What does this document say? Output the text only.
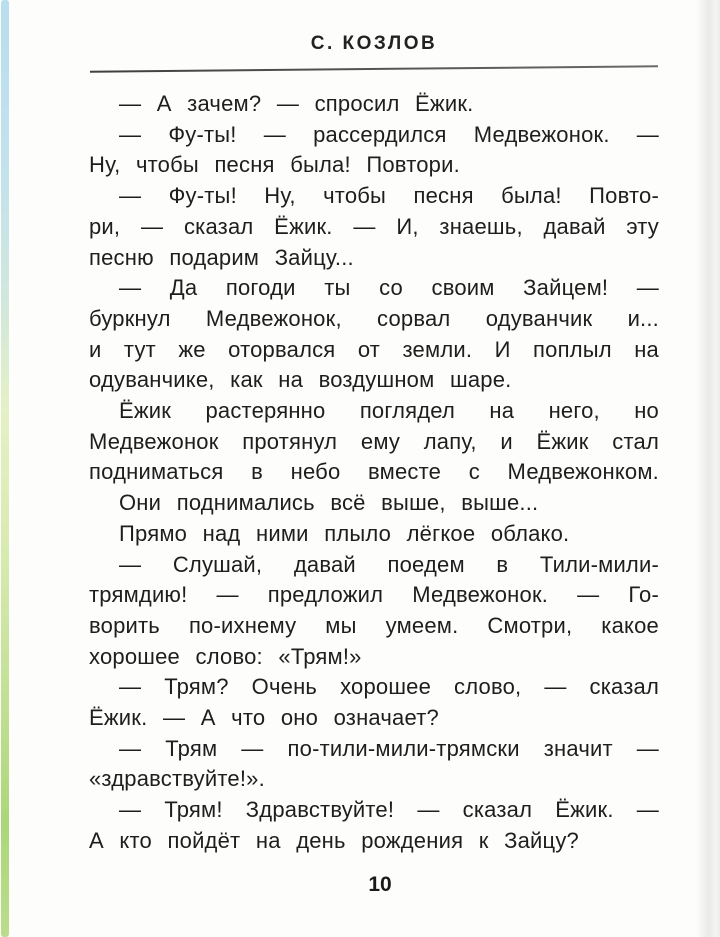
С. КОЗЛОВ
— А зачем? — спросил Ёжик.
— Фу-ты! — рассердился Медвежонок. —
Ну, чтобы песня была! Повтори.
— Фу-ты! Ну, чтобы песня была! Повто-
ри, — сказал Ёжик. — И, знаешь, давай эту
песню подарим Зайцу...
— Да погоди ты со своим Зайцем! —
буркнул Медвежонок, сорвал одуванчик и...
и тут же оторвался от земли. И поплыл на
одуванчике, как на воздушном шаре.
Ёжик растерянно поглядел на него, но
Медвежонок протянул ему лапу, и Ёжик стал
подниматься в небо вместе с Медвежонком.
Они поднимались всё выше, выше...
Прямо над ними плыло лёгкое облако.
— Слушай, давай поедем в Тили-мили-
трямдию! — предложил Медвежонок. — Го-
ворить по-ихнему мы умеем. Смотри, какое
хорошее слово: «Трям!»
— Трям? Очень хорошее слово, — сказал
Ёжик. — А что оно означает?
— Трям — по-тили-мили-трямски значит —
«здравствуйте!».
— Трям! Здравствуйте! — сказал Ёжик. —
А кто пойдёт на день рождения к Зайцу?
10
